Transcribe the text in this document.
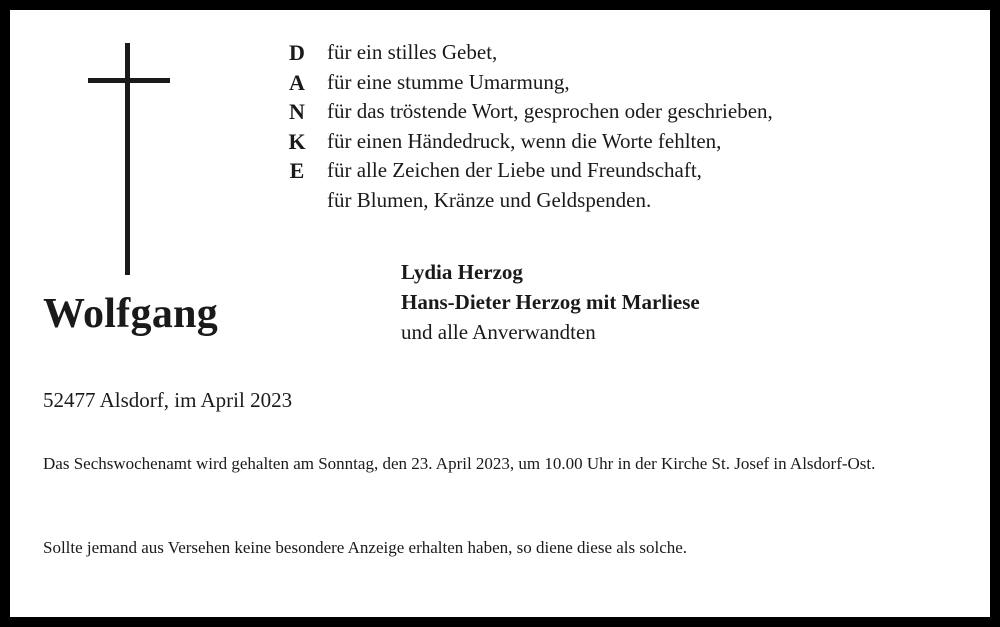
D
A
N
K
E
für ein stilles Gebet,
für eine stumme Umarmung,
für das tröstende Wort, gesprochen oder geschrieben,
für einen Händedruck, wenn die Worte fehlten,
für alle Zeichen der Liebe und Freundschaft,
für Blumen, Kränze und Geldspenden.
Wolfgang
Lydia Herzog
Hans-Dieter Herzog mit Marliese
und alle Anverwandten
52477 Alsdorf, im April 2023
Das Sechswochenamt wird gehalten am Sonntag, den 23. April 2023, um 10.00 Uhr in der Kirche St. Josef in Alsdorf-Ost.
Sollte jemand aus Versehen keine besondere Anzeige erhalten haben, so diene diese als solche.
